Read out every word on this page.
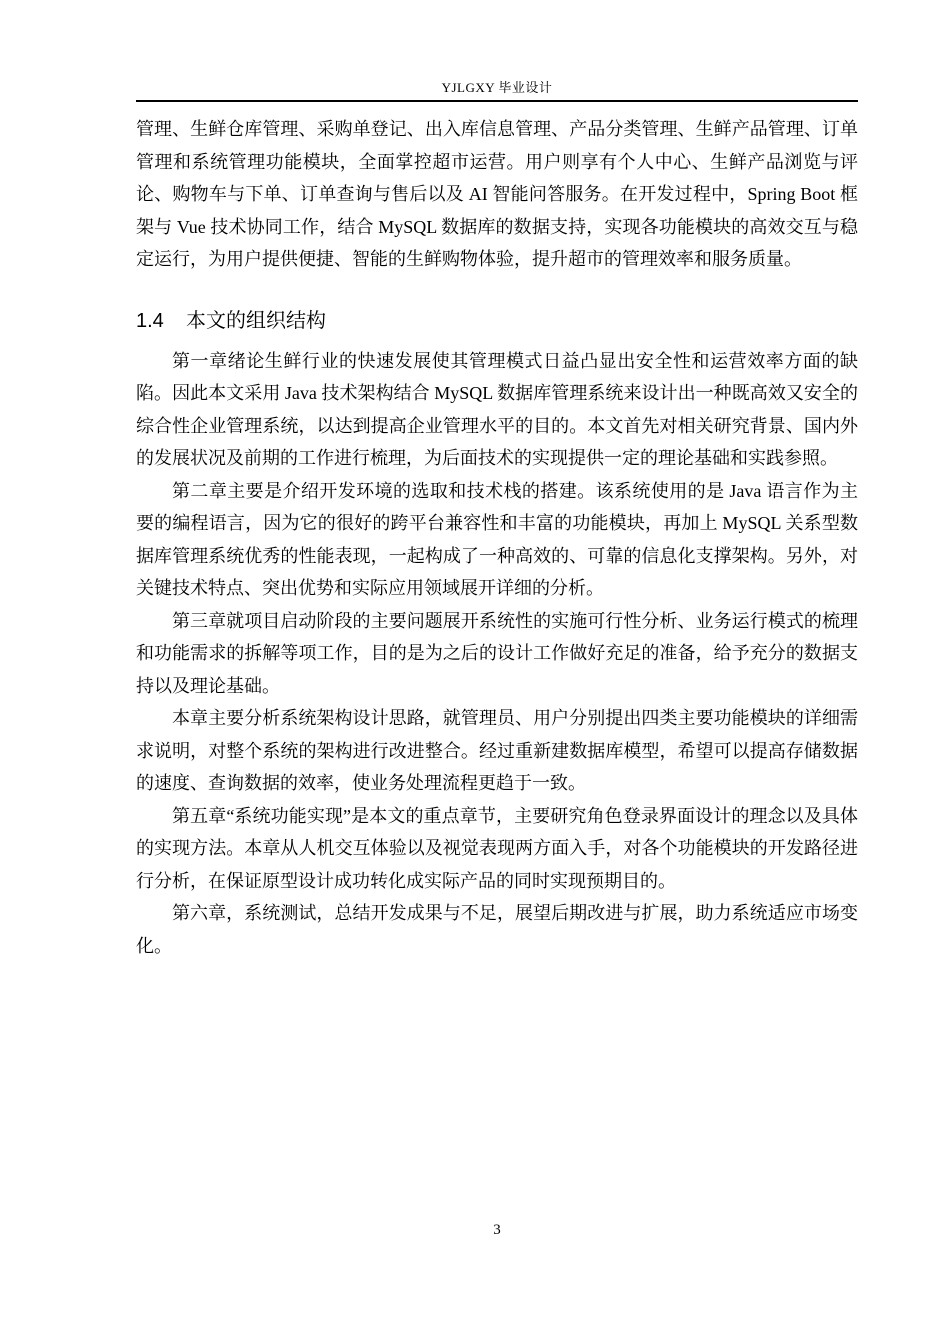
YJLGXY 毕业设计

管理、生鲜仓库管理、采购单登记、出入库信息管理、产品分类管理、生鲜产品管理、订单管理和系统管理功能模块，全面掌控超市运营。用户则享有个人中心、生鲜产品浏览与评论、购物车与下单、订单查询与售后以及 AI 智能问答服务。在开发过程中，Spring Boot 框架与 Vue 技术协同工作，结合 MySQL 数据库的数据支持，实现各功能模块的高效交互与稳定运行，为用户提供便捷、智能的生鲜购物体验，提升超市的管理效率和服务质量。

1.4 本文的组织结构

第一章绪论生鲜行业的快速发展使其管理模式日益凸显出安全性和运营效率方面的缺陷。因此本文采用 Java 技术架构结合 MySQL 数据库管理系统来设计出一种既高效又安全的综合性企业管理系统，以达到提高企业管理水平的目的。本文首先对相关研究背景、国内外的发展状况及前期的工作进行梳理，为后面技术的实现提供一定的理论基础和实践参照。

第二章主要是介绍开发环境的选取和技术栈的搭建。该系统使用的是 Java 语言作为主要的编程语言，因为它的很好的跨平台兼容性和丰富的功能模块，再加上 MySQL 关系型数据库管理系统优秀的性能表现，一起构成了一种高效的、可靠的信息化支撑架构。另外，对关键技术特点、突出优势和实际应用领域展开详细的分析。

第三章就项目启动阶段的主要问题展开系统性的实施可行性分析、业务运行模式的梳理和功能需求的拆解等项工作，目的是为之后的设计工作做好充足的准备，给予充分的数据支持以及理论基础。

本章主要分析系统架构设计思路，就管理员、用户分别提出四类主要功能模块的详细需求说明，对整个系统的架构进行改进整合。经过重新建数据库模型，希望可以提高存储数据的速度、查询数据的效率，使业务处理流程更趋于一致。

第五章“系统功能实现”是本文的重点章节，主要研究角色登录界面设计的理念以及具体的实现方法。本章从人机交互体验以及视觉表现两方面入手，对各个功能模块的开发路径进行分析，在保证原型设计成功转化成实际产品的同时实现预期目的。

第六章，系统测试，总结开发成果与不足，展望后期改进与扩展，助力系统适应市场变化。

3
